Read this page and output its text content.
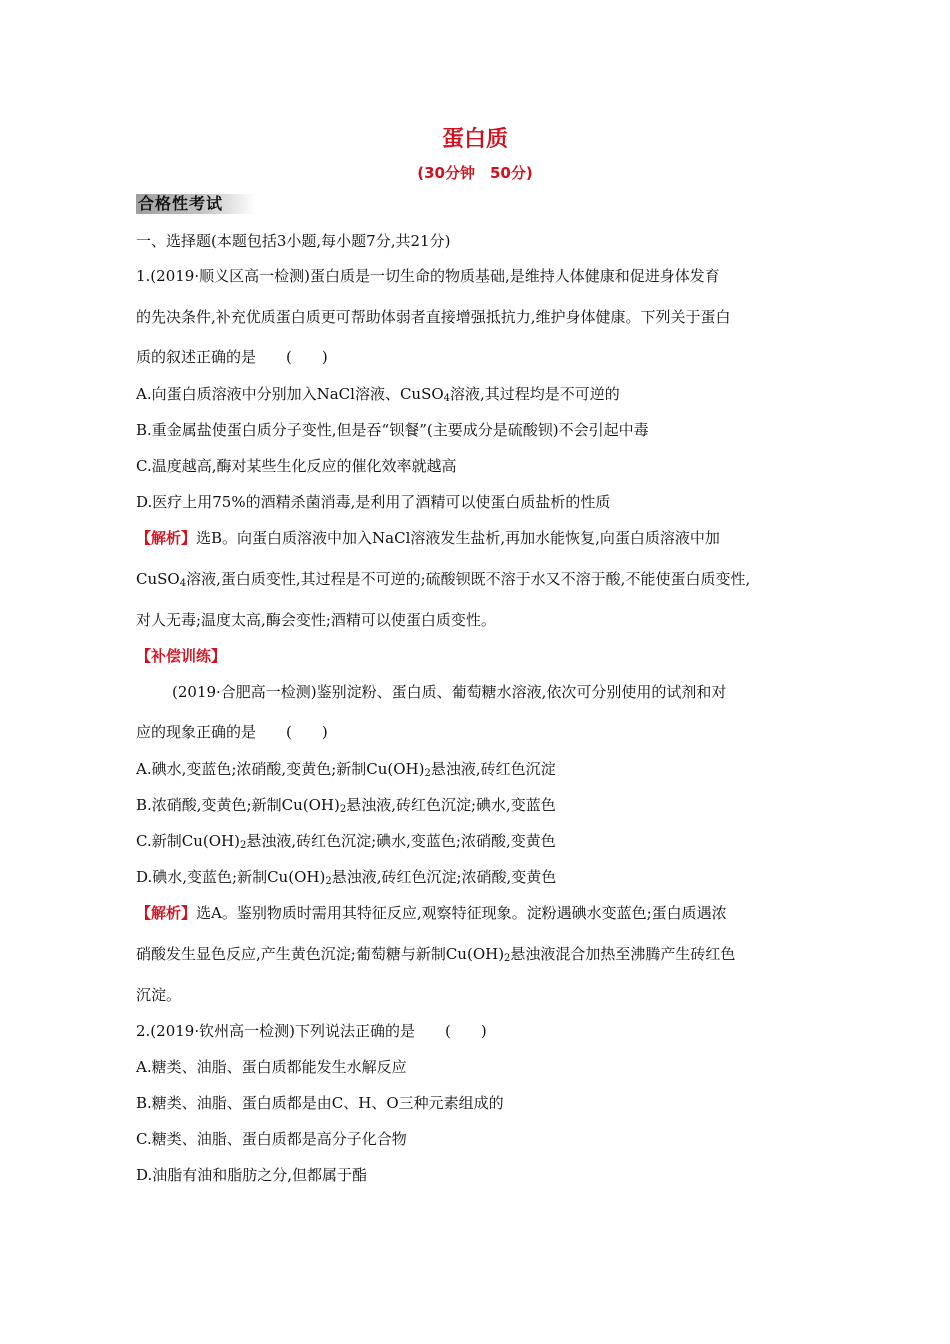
蛋白质
(30分钟　50分)
合格性考试
一、选择题(本题包括3小题,每小题7分,共21分)
1.(2019·顺义区高一检测)蛋白质是一切生命的物质基础,是维持人体健康和促进身体发育
的先决条件,补充优质蛋白质更可帮助体弱者直接增强抵抗力,维护身体健康。下列关于蛋白
质的叙述正确的是 (　　)
A.向蛋白质溶液中分别加入NaCl溶液、CuSO$_4$溶液,其过程均是不可逆的
B.重金属盐使蛋白质分子变性,但是吞“钡餐”(主要成分是硫酸钡)不会引起中毒
C.温度越高,酶对某些生化反应的催化效率就越高
D.医疗上用75%的酒精杀菌消毒,是利用了酒精可以使蛋白质盐析的性质
【解析】选B。向蛋白质溶液中加入NaCl溶液发生盐析,再加水能恢复,向蛋白质溶液中加
CuSO$_4$溶液,蛋白质变性,其过程是不可逆的;硫酸钡既不溶于水又不溶于酸,不能使蛋白质变性,
对人无毒;温度太高,酶会变性;酒精可以使蛋白质变性。
【补偿训练】
(2019·合肥高一检测)鉴别淀粉、蛋白质、葡萄糖水溶液,依次可分别使用的试剂和对
应的现象正确的是 (　　)
A.碘水,变蓝色;浓硝酸,变黄色;新制$Cu(OH)_2$悬浊液,砖红色沉淀
B.浓硝酸,变黄色;新制$Cu(OH)_2$悬浊液,砖红色沉淀;碘水,变蓝色
C.新制$Cu(OH)_2$悬浊液,砖红色沉淀;碘水,变蓝色;浓硝酸,变黄色
D.碘水,变蓝色;新制$Cu(OH)_2$悬浊液,砖红色沉淀;浓硝酸,变黄色
【解析】选A。鉴别物质时需用其特征反应,观察特征现象。淀粉遇碘水变蓝色;蛋白质遇浓
硝酸发生显色反应,产生黄色沉淀;葡萄糖与新制$Cu(OH)_2$悬浊液混合加热至沸腾产生砖红色
沉淀。
2.(2019·钦州高一检测)下列说法正确的是 (　　)
A.糖类、油脂、蛋白质都能发生水解反应
B.糖类、油脂、蛋白质都是由C、H、O三种元素组成的
C.糖类、油脂、蛋白质都是高分子化合物
D.油脂有油和脂肪之分,但都属于酯
